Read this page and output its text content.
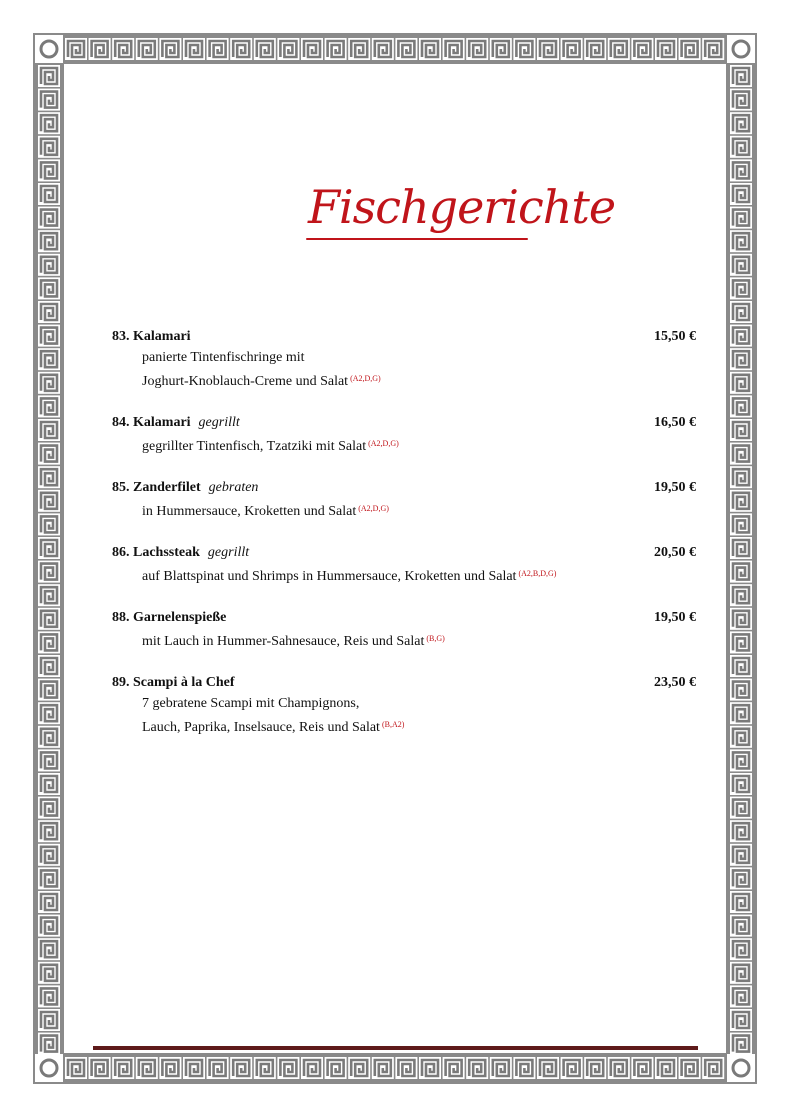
Fischgerichte
83. Kalamari	15,50 €
panierte Tintenfischringe mit
Joghurt-Knoblauch-Creme und Salat $^{(A2,D,G)}$
84. Kalamari gegrillt	16,50 €
gegrillter Tintenfisch, Tzatziki mit Salat $^{(A2,D,G)}$
85. Zanderfilet gebraten	19,50 €
in Hummersauce, Kroketten und Salat $^{(A2,D,G)}$
86. Lachssteak gegrillt	20,50 €
auf Blattspinat und Shrimps in Hummersauce, Kroketten und Salat $^{(A2,B,D,G)}$
88. Garnelenspieße	19,50 €
mit Lauch in Hummer-Sahnesauce, Reis und Salat $^{(B,G)}$
89. Scampi à la Chef	23,50 €
7 gebratene Scampi mit Champignons,
Lauch, Paprika, Inselsauce, Reis und Salat $^{(B,A2)}$
